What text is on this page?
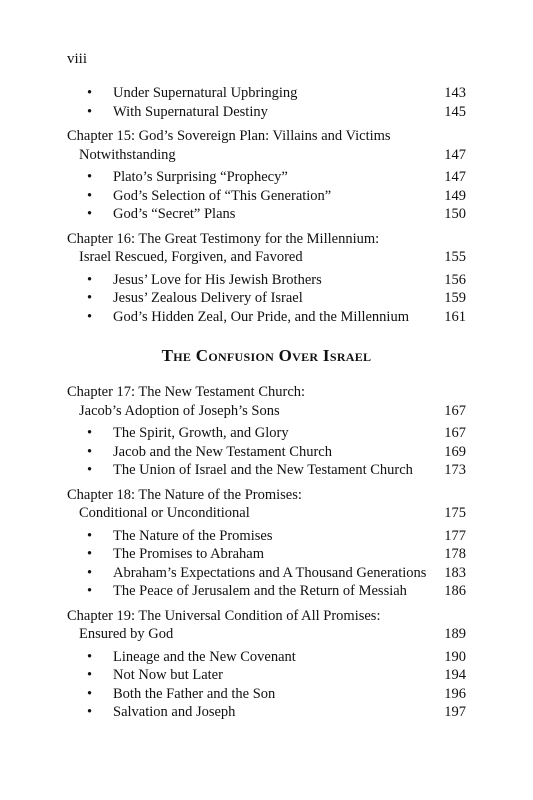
viii
• Under Supernatural Upbringing	143
• With Supernatural Destiny	145
Chapter 15: God’s Sovereign Plan: Villains and Victims
Notwithstanding	147
• Plato’s Surprising “Prophecy”	147
• God’s Selection of “This Generation”	149
• God’s “Secret” Plans	150
Chapter 16: The Great Testimony for the Millennium:
Israel Rescued, Forgiven, and Favored	155
• Jesus’ Love for His Jewish Brothers	156
• Jesus’ Zealous Delivery of Israel	159
• God’s Hidden Zeal, Our Pride, and the Millennium 161
The Confusion Over Israel
Chapter 17: The New Testament Church:
Jacob’s Adoption of Joseph’s Sons	167
• The Spirit, Growth, and Glory	167
• Jacob and the New Testament Church	169
• The Union of Israel and the New Testament Church 173
Chapter 18: The Nature of the Promises:
Conditional or Unconditional	175
• The Nature of the Promises	177
• The Promises to Abraham	178
• Abraham’s Expectations and A Thousand Generations 183
• The Peace of Jerusalem and the Return of Messiah	186
Chapter 19: The Universal Condition of All Promises:
Ensured by God	189
• Lineage and the New Covenant	190
• Not Now but Later	194
• Both the Father and the Son	196
• Salvation and Joseph	197
